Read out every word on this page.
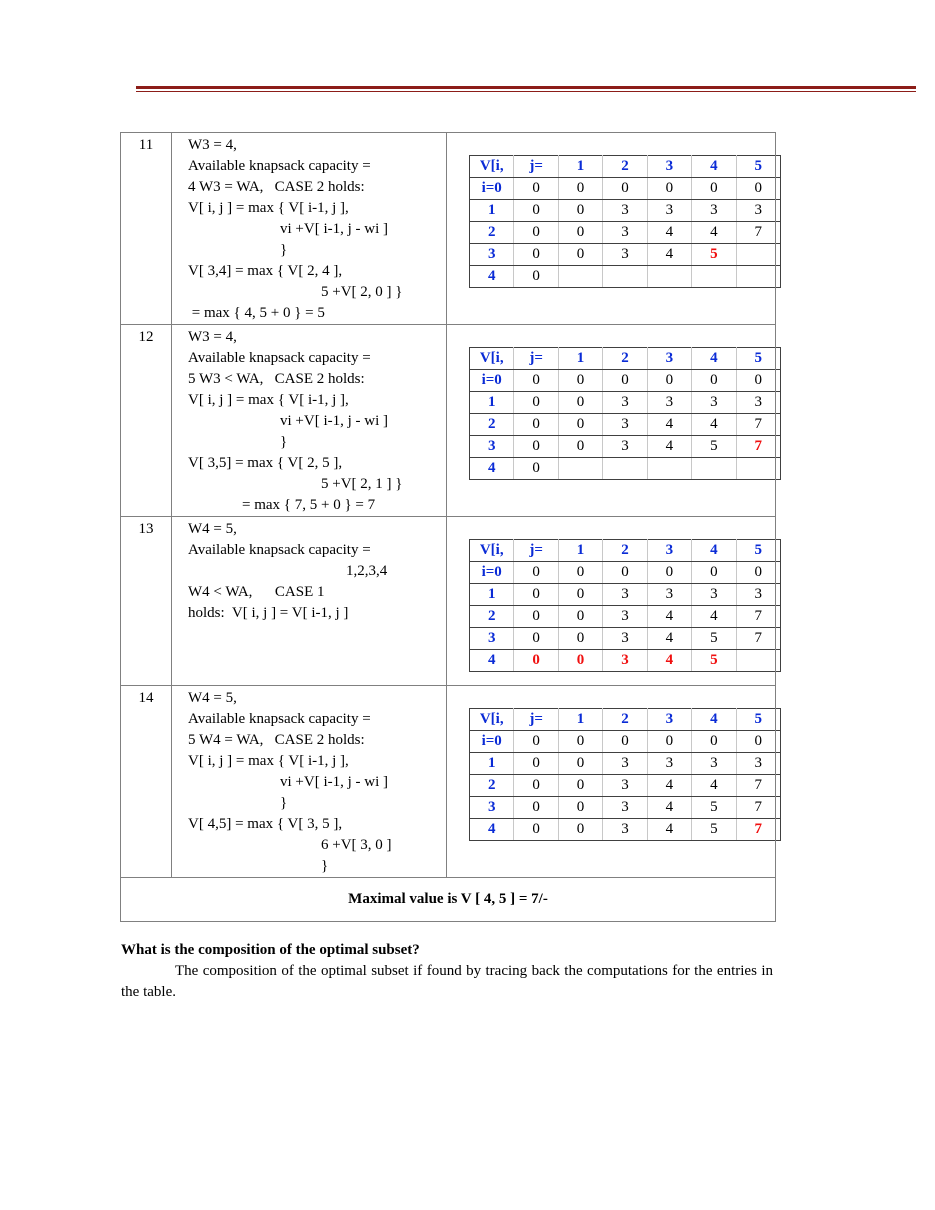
11	W3 = 4,
Available knapsack capacity =
4 W3 = WA,   CASE 2 holds:
V[ i, j ] = max { V[ i-1, j ],
vi +V[ i-1, j - wi ]
}
V[ 3,4] = max { V[ 2, 4 ],
5 +V[ 2, 0 ] }
= max { 4, 5 + 0 } = 5

V[i,	j=	1	2	3	4	5
i=0	0	0	0	0	0	0
1	0	0	3	3	3	3
2	0	0	3	4	4	7
3	0	0	3	4	5	
4	0					

12	W3 = 4,
Available knapsack capacity =
5 W3 < WA,   CASE 2 holds:
V[ i, j ] = max { V[ i-1, j ],
vi +V[ i-1, j - wi ]
}
V[ 3,5] = max { V[ 2, 5 ],
5 +V[ 2, 1 ] }
= max { 7, 5 + 0 } = 7

V[i,	j=	1	2	3	4	5
i=0	0	0	0	0	0	0
1	0	0	3	3	3	3
2	0	0	3	4	4	7
3	0	0	3	4	5	7
4	0					

13	W4 = 5,
Available knapsack capacity =
1,2,3,4
W4 < WA,      CASE 1
holds:  V[ i, j ] = V[ i-1, j ]

V[i,	j=	1	2	3	4	5
i=0	0	0	0	0	0	0
1	0	0	3	3	3	3
2	0	0	3	4	4	7
3	0	0	3	4	5	7
4	0	0	3	4	5	

14	W4 = 5,
Available knapsack capacity =
5 W4 = WA,   CASE 2 holds:
V[ i, j ] = max { V[ i-1, j ],
vi +V[ i-1, j - wi ]
}
V[ 4,5] = max { V[ 3, 5 ],
6 +V[ 3, 0 ]
}

V[i,	j=	1	2	3	4	5
i=0	0	0	0	0	0	0
1	0	0	3	3	3	3
2	0	0	3	4	4	7
3	0	0	3	4	5	7
4	0	0	3	4	5	7

Maximal value is V [ 4, 5 ] = 7/-
What is the composition of the optimal subset?
The composition of the optimal subset if found by tracing back the computations for the entries in the table.
